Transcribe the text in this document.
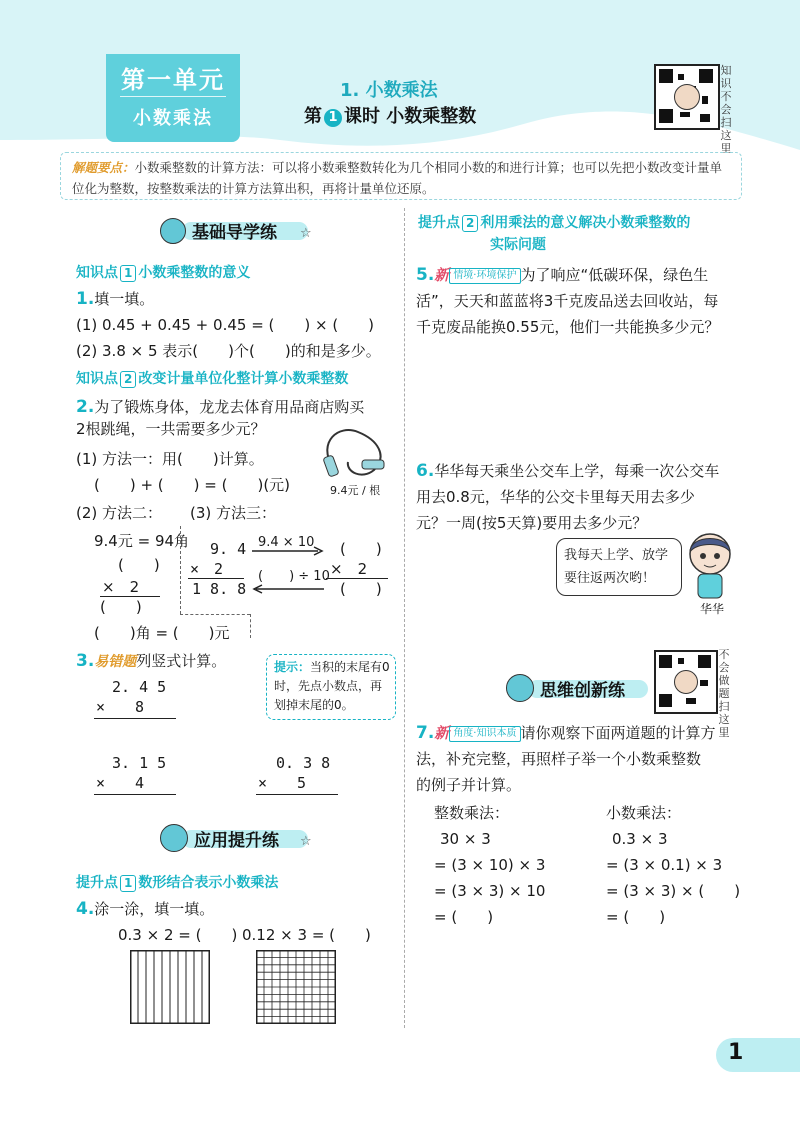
第一单元
小数乘法
1. 小数乘法
第 1 课时 小数乘整数
知识不会扫这里
解题要点：小数乘整数的计算方法：可以将小数乘整数转化为几个相同小数的和进行计算；也可以先把小数改变计量单位化为整数，按整数乘法的计算方法算出积，再将计量单位还原。
基础导学练 ☆
知识点 1 小数乘整数的意义
1.填一填。
(1) 0.45 + 0.45 + 0.45 = (　　) × (　　)
(2) 3.8 × 5 表示(　　)个(　　)的和是多少。
知识点 2 改变计量单位化整计算小数乘整数
2.为了锻炼身体，龙龙去体育用品商店购买
2根跳绳，一共需要多少元？
9.4元 / 根
(1) 方法一：用(　　)计算。
(　　) + (　　) = (　　)(元)
(2) 方法二： (3) 方法三：
9.4元 = 94角
(　　)
×　2
(　　)
(　　)角 = (　　)元
9. 4
×　2
1 8. 8
9.4 × 10
(　　) ÷ 10
(　　)
×　2
(　　)
3.易错题列竖式计算。	提示：当积的末尾有0时，先点小数点，再划掉末尾的0。
2. 4 5
×　　8
3. 1 5
×　　4
0. 3 8
×　　5
应用提升练 ☆
提升点 1 数形结合表示小数乘法
4.涂一涂，填一填。
0.3 × 2 = (　　) 0.12 × 3 = (　　)
提升点 2 利用乘法的意义解决小数乘整数的
实际问题
5.新 情境·环境保护 为了响应“低碳环保，绿色生
活”，天天和蓝蓝将3千克废品送去回收站，每
千克废品能换0.55元，他们一共能换多少元？
6.华华每天乘坐公交车上学，每乘一次公交车
用去0.8元，华华的公交卡里每天用去多少
元？一周(按5天算)要用去多少元？
我每天上学、放学
要往返两次哟！
华华
思维创新练
不会做题扫这里
7.新 角度·知识本质 请你观察下面两道题的计算方
法，补充完整，再照样子举一个小数乘整数
的例子并计算。
整数乘法：
30 × 3
= (3 × 10) × 3
= (3 × 3) × 10
= (　　)
小数乘法：
0.3 × 3
= (3 × 0.1) × 3
= (3 × 3) × (　　)
= (　　)
1
